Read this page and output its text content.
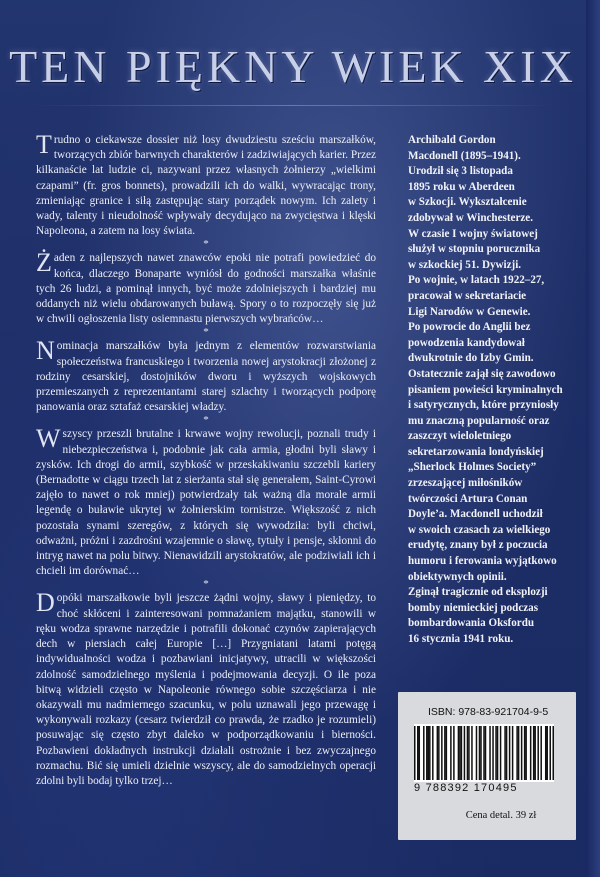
TEN PIĘKNY WIEK XIX

Trudno o ciekawsze dossier niż losy dwudziestu sześciu marszałków, tworzących zbiór barwnych charakterów i zadziwiających karier. Przez kilkanaście lat ludzie ci, nazywani przez własnych żołnierzy „wielkimi czapami” (fr. gros bonnets), prowadzili ich do walki, wywracając trony, zmieniając granice i siłą zastępując stary porządek nowym. Ich zalety i wady, talenty i nieudolność wpływały decydująco na zwycięstwa i klęski Napoleona, a zatem na losy świata.

*

Żaden z najlepszych nawet znawców epoki nie potrafi powiedzieć do końca, dlaczego Bonaparte wyniósł do godności marszałka właśnie tych 26 ludzi, a pominął innych, być może zdolniejszych i bardziej mu oddanych niż wielu obdarowanych buławą. Spory o to rozpoczęły się już w chwili ogłoszenia listy osiemnastu pierwszych wybrańców…

*

Nominacja marszałków była jednym z elementów rozwarstwiania społeczeństwa francuskiego i tworzenia nowej arystokracji złożonej z rodziny cesarskiej, dostojników dworu i wyższych wojskowych przemieszanych z reprezentantami starej szlachty i tworzących podporę panowania oraz sztafaż cesarskiej władzy.

*

Wszyscy przeszli brutalne i krwawe wojny rewolucji, poznali trudy i niebezpieczeństwa i, podobnie jak cała armia, głodni byli sławy i zysków. Ich drogi do armii, szybkość w przeskakiwaniu szczebli kariery (Bernadotte w ciągu trzech lat z sierżanta stał się generałem, Saint-Cyrowi zajęło to nawet o rok mniej) potwierdzały tak ważną dla morale armii legendę o buławie ukrytej w żołnierskim tornistrze. Większość z nich pozostała synami szeregów, z których się wywodziła: byli chciwi, odważni, próżni i zazdrośni wzajemnie o sławę, tytuły i pensje, skłonni do intryg nawet na polu bitwy. Nienawidzili arystokratów, ale podziwiali ich i chcieli im dorównać…

*

Dopóki marszałkowie byli jeszcze żądni wojny, sławy i pieniędzy, to choć skłóceni i zainteresowani pomnażaniem majątku, stanowili w ręku wodza sprawne narzędzie i potrafili dokonać czynów zapierających dech w piersiach całej Europie […] Przygniatani latami potęgą indywidualności wodza i pozbawiani inicjatywy, utracili w większości zdolność samodzielnego myślenia i podejmowania decyzji. O ile poza bitwą widzieli często w Napoleonie równego sobie szczęściarza i nie okazywali mu nadmiernego szacunku, w polu uznawali jego przewagę i wykonywali rozkazy (cesarz twierdził co prawda, że rzadko je rozumieli) posuwając się często zbyt daleko w podporządkowaniu i bierności. Pozbawieni dokładnych instrukcji działali ostrożnie i bez zwyczajnego rozmachu. Bić się umieli dzielnie wszyscy, ale do samodzielnych operacji zdolni byli bodaj tylko trzej…

Archibald Gordon
Macdonell (1895–1941).
Urodził się 3 listopada
1895 roku w Aberdeen
w Szkocji. Wykształcenie
zdobywał w Winchesterze.
W czasie I wojny światowej
służył w stopniu porucznika
w szkockiej 51. Dywizji.
Po wojnie, w latach 1922–27,
pracował w sekretariacie
Ligi Narodów w Genewie.
Po powrocie do Anglii bez
powodzenia kandydował
dwukrotnie do Izby Gmin.
Ostatecznie zajął się zawodowo
pisaniem powieści kryminalnych
i satyrycznych, które przyniosły
mu znaczną popularność oraz
zaszczyt wieloletniego
sekretarzowania londyńskiej
„Sherlock Holmes Society”
zrzeszającej miłośników
twórczości Artura Conan
Doyle’a. Macdonell uchodził
w swoich czasach za wielkiego
erudytę, znany był z poczucia
humoru i ferowania wyjątkowo
obiektywnych opinii.
Zginął tragicznie od eksplozji
bomby niemieckiej podczas
bombardowania Oksfordu
16 stycznia 1941 roku.
ISBN: 978-83-921704-9-5
9 788392 170495
Cena detal. 39 zł
